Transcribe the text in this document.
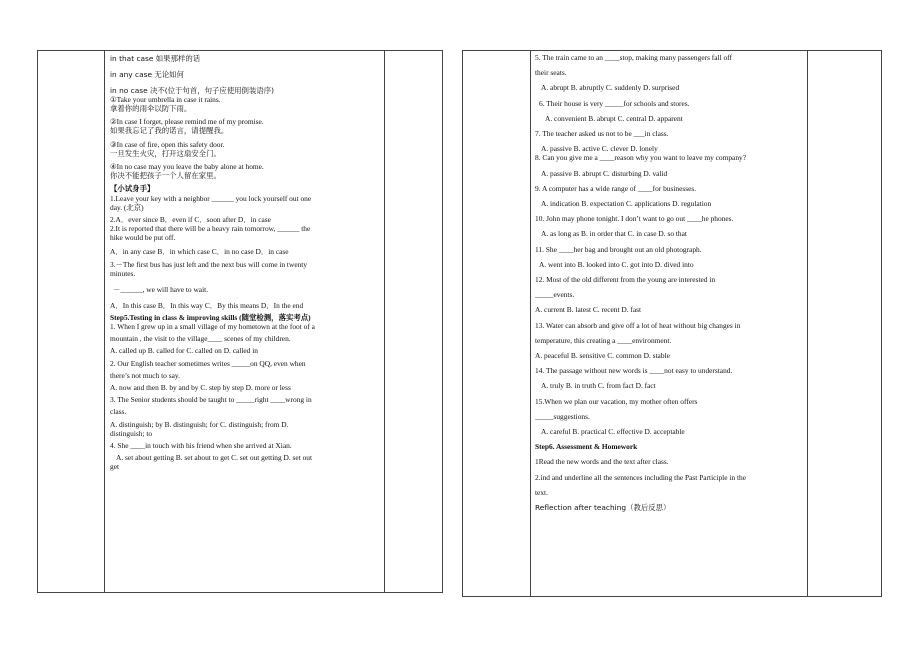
in that case 如果那样的话

in any case 无论如何

in no case 决不(位于句首，句子应使用倒装语序)

①Take your umbrella in case it rains.

拿着你的雨伞以防下雨。

②In case I forget, please remind me of my promise.

如果我忘记了我的诺言，请提醒我。

③In case of fire, open this safety door.

一旦发生火灾，打开这扇安全门。

④In no case may you leave the baby alone at home.

你决不能把孩子一个人留在家里。

【小试身手】

1.Leave your key with a neighbor ______ you lock yourself out one

day. (北京)

2.A．ever since B．even if C．soon after D．in case

2.It is reported that there will be a heavy rain tomorrow, ______ the

hike would be put off.

A．in any case B．in which case C．in no case D．in case

3.－The first bus has just left and the next bus will come in twenty

minutes.

－______, we will have to wait.

A．In this case B．In this way C．By this means D．In the end

Step5.Testing in class & improving skills (随堂检测，落实考点)

1. When I grew up in a small village of my hometown at the foot of a

mountain , the visit to the village____ scenes of my children.

A. called up B. called for C. called on D. called in

2. Our English teacher sometimes writes _____on QQ, even when

there’s not much to say.

A. now and then B. by and by C. step by step D. more or less

3. The Senior students should be taught to _____right ____wrong in

class.

A. distinguish; by B. distinguish; for C. distinguish; from D.

distinguish; to

4. She ____in touch with his friend when she arrived at Xian.

A. set about getting B. set about to get C. set out getting D. set out

get

5. The train came to an ____stop, making many passengers fall off

their seats.

A. abrupt B. abruptly C. suddenly D. surprised

6. Their house is very _____for schools and stores.

A. convenient B. abrupt C. central D. apparent

7. The teacher asked us not to be ___in class.

A. passive B. active C. clever D. lonely

8. Can you give me a ____reason why you want to leave my company?

A. passive B. abrupt C. disturbing D. valid

9. A computer has a wide range of ____for businesses.

A. indication B. expectation C. applications D. regulation

10. John may phone tonight. I don’t want to go out ____he phones.

A. as long as B. in order that C. in case D. so that

11. She ____her bag and brought out an old photograph.

A. went into B. looked into C. got into D. dived into

12. Most of the old different from the young are interested in

_____events.

A. current B. latest C. recent D. fast

13. Water can absorb and give off a lot of heat without big changes in

temperature, this creating a ____environment.

A. peaceful B. sensitive C. common D. stable

14. The passage without new words is ____not easy to understand.

A. truly B. in truth C. from fact D. fact

15.When we plan our vacation, my mother often offers

_____suggestions.

A. careful B. practical C. effective D. acceptable

Step6. Assessment & Homework

1Read the new words and the text after class.

2.ind and underline all the sentences including the Past Participle in the

text.

Reflection after teaching（教后反思）
